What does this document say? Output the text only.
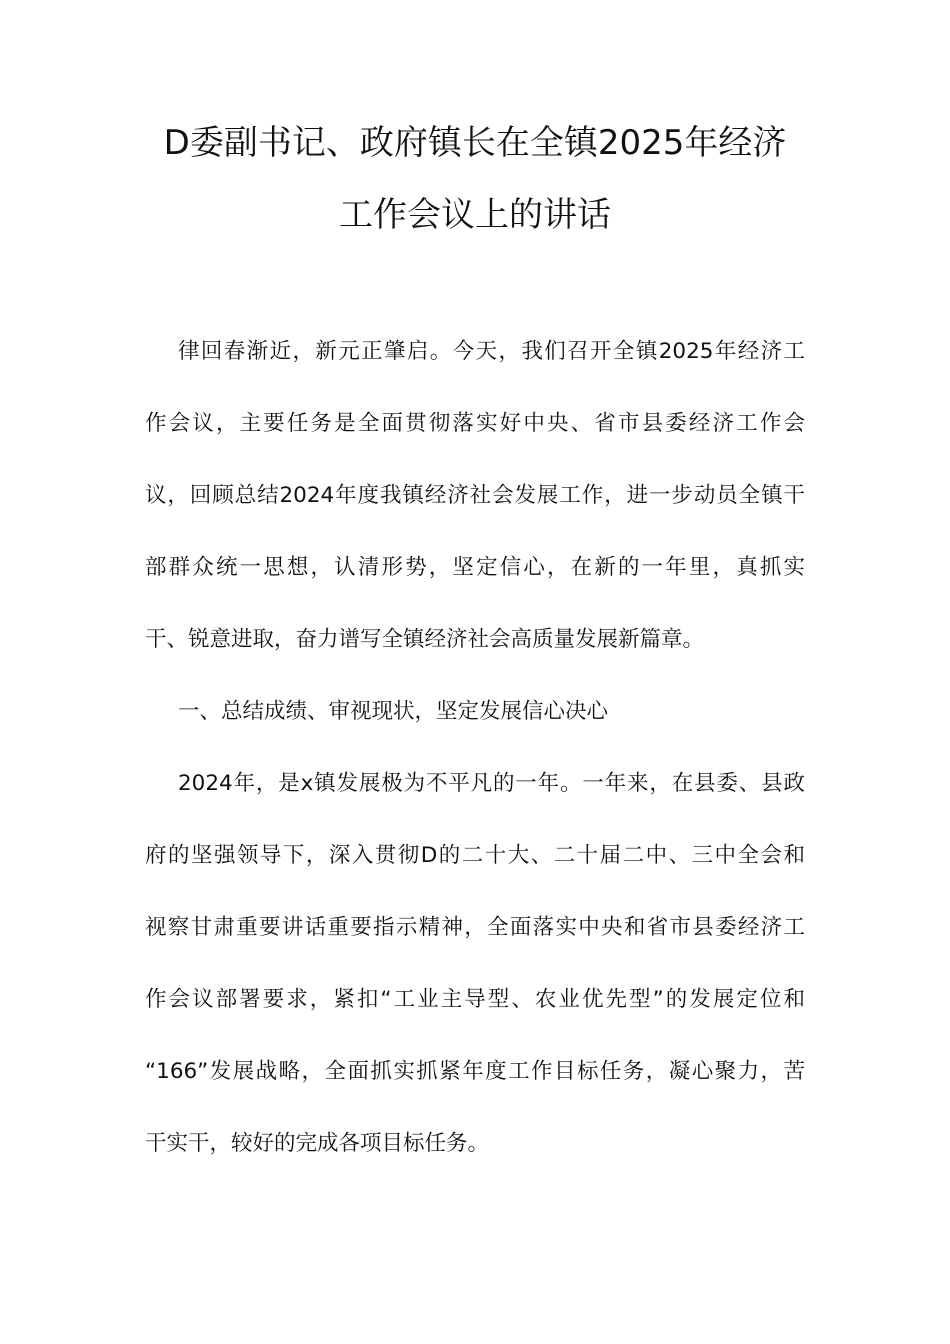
D委副书记、政府镇长在全镇2025年经济
工作会议上的讲话
律回春渐近，新元正肇启。今天，我们召开全镇2025年经济工
作会议，主要任务是全面贯彻落实好中央、省市县委经济工作会
议，回顾总结2024年度我镇经济社会发展工作，进一步动员全镇干
部群众统一思想，认清形势，坚定信心，在新的一年里，真抓实
干、锐意进取，奋力谱写全镇经济社会高质量发展新篇章。
一、总结成绩、审视现状，坚定发展信心决心
2024年，是x镇发展极为不平凡的一年。一年来，在县委、县政
府的坚强领导下，深入贯彻D的二十大、二十届二中、三中全会和
视察甘肃重要讲话重要指示精神，全面落实中央和省市县委经济工
作会议部署要求，紧扣“工业主导型、农业优先型”的发展定位和
“166”发展战略，全面抓实抓紧年度工作目标任务，凝心聚力，苦
干实干，较好的完成各项目标任务。
